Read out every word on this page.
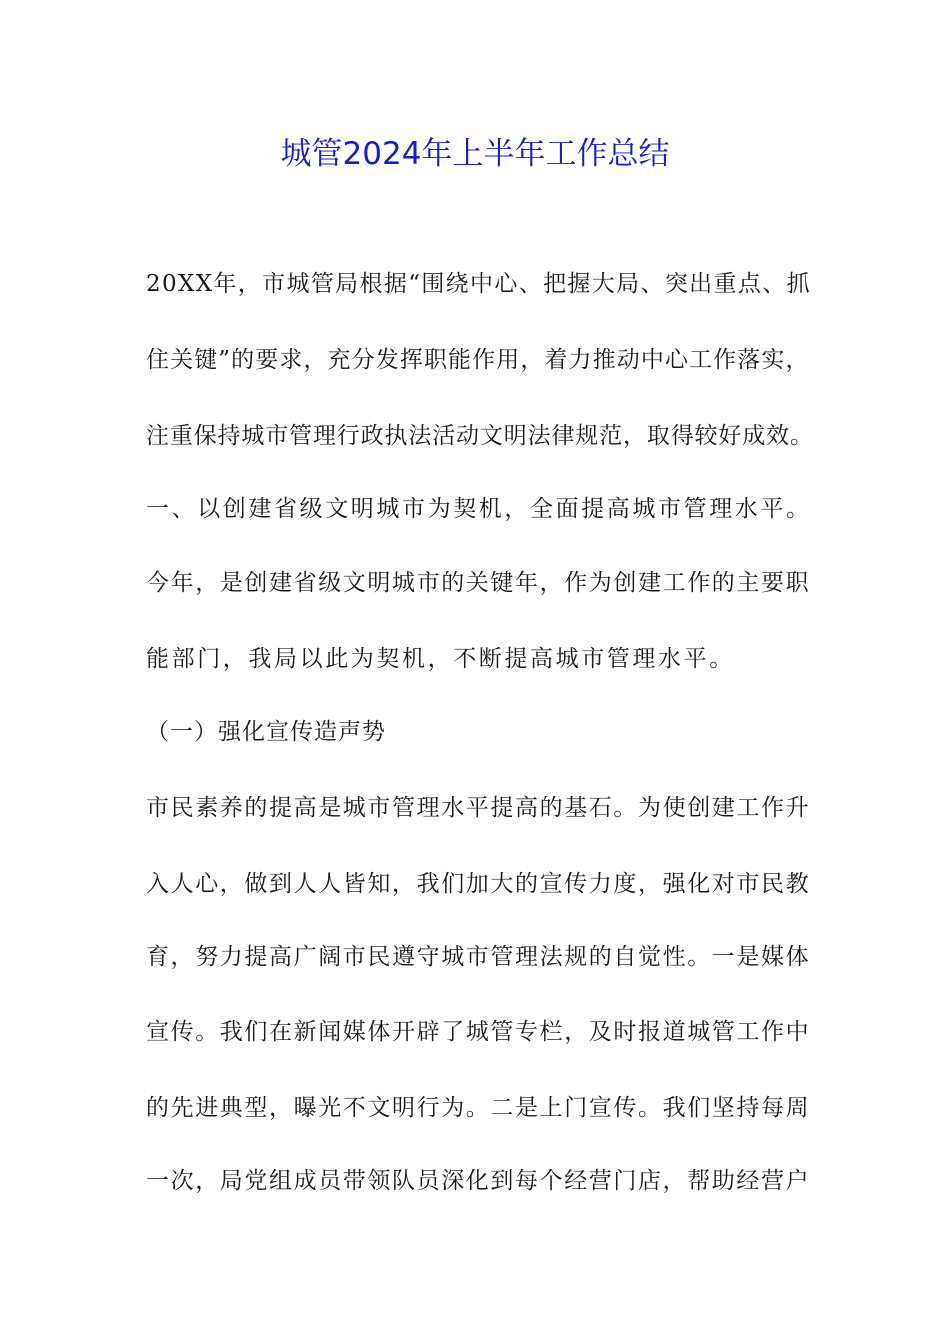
城管2024年上半年工作总结
20XX年，市城管局根据“围绕中心、把握大局、突出重点、抓
住关键”的要求，充分发挥职能作用，着力推动中心工作落实，
注重保持城市管理行政执法活动文明法律规范，取得较好成效。
一、以创建省级文明城市为契机，全面提高城市管理水平。
今年，是创建省级文明城市的关键年，作为创建工作的主要职
能部门，我局以此为契机，不断提高城市管理水平。
（一）强化宣传造声势
市民素养的提高是城市管理水平提高的基石。为使创建工作升
入人心，做到人人皆知，我们加大的宣传力度，强化对市民教
育，努力提高广阔市民遵守城市管理法规的自觉性。一是媒体
宣传。我们在新闻媒体开辟了城管专栏，及时报道城管工作中
的先进典型，曝光不文明行为。二是上门宣传。我们坚持每周
一次，局党组成员带领队员深化到每个经营门店，帮助经营户
